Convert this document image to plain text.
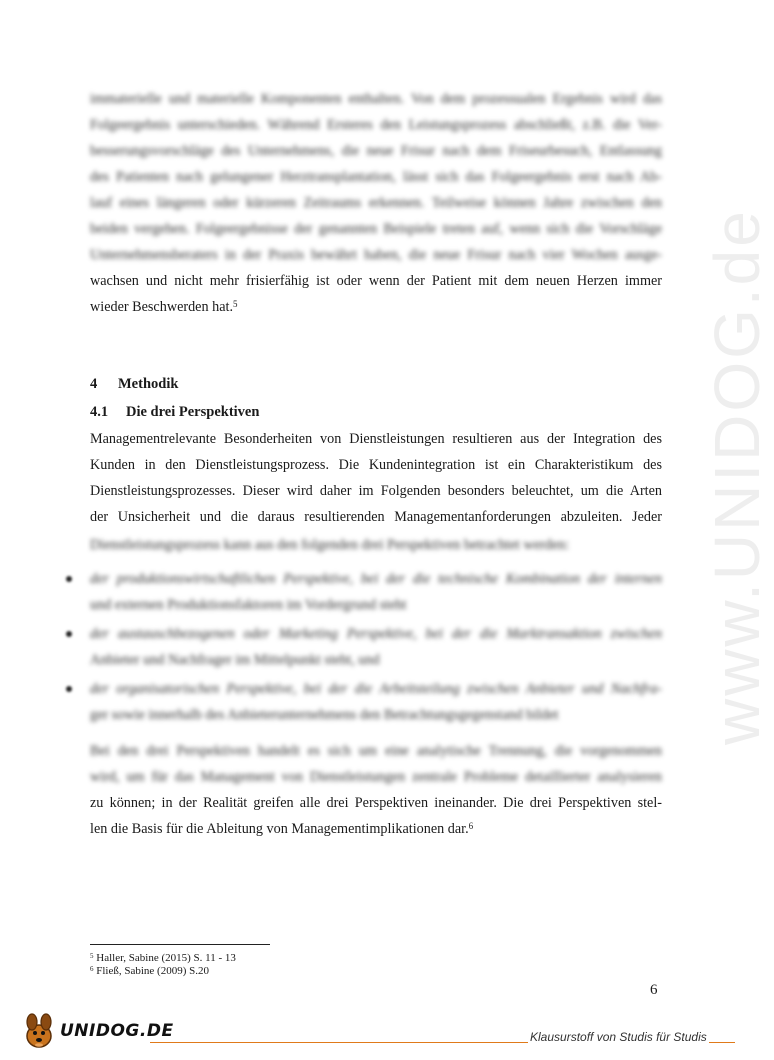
www.UNIDOG.de
immaterielle und materielle Komponenten enthalten. Von dem prozessualen Ergebnis wird das
Folgeergebnis unterschieden. Während Ersteres den Leistungsprozess abschließt, z.B. die Ver-
besserungsvorschläge des Unternehmens, die neue Frisur nach dem Friseurbesuch, Entlassung
des Patienten nach gelungener Herztransplantation, lässt sich das Folgeergebnis erst nach Ab-
lauf eines längeren oder kürzeren Zeitraums erkennen. Teilweise können Jahre zwischen den
beiden vergehen. Folgeergebnisse der genannten Beispiele treten auf, wenn sich die Vorschläge
Unternehmensberaters in der Praxis bewährt haben, die neue Frisur nach vier Wochen ausge-
wachsen und nicht mehr frisierfähig ist oder wenn der Patient mit dem neuen Herzen immer
wieder Beschwerden hat.$^5$
4 Methodik
4.1 Die drei Perspektiven
Managementrelevante Besonderheiten von Dienstleistungen resultieren aus der Integration des
Kunden in den Dienstleistungsprozess. Die Kundenintegration ist ein Charakteristikum des
Dienstleistungsprozesses. Dieser wird daher im Folgenden besonders beleuchtet, um die Arten
der Unsicherheit und die daraus resultierenden Managementanforderungen abzuleiten. Jeder
Dienstleistungsprozess kann aus den folgenden drei Perspektiven betrachtet werden:
der produktionswirtschaftlichen Perspektive, bei der die technische Kombination der internen
und externen Produktionsfaktoren im Vordergrund steht
der austauschbezogenen oder Marketing Perspektive, bei der die Marktransaktion zwischen
Anbieter und Nachfrager im Mittelpunkt steht, und
der organisatorischen Perspektive, bei der die Arbeitsteilung zwischen Anbieter und Nachfra-
ger sowie innerhalb des Anbieterunternehmens den Betrachtungsgegenstand bildet
Bei den drei Perspektiven handelt es sich um eine analytische Trennung, die vorgenommen
wird, um für das Management von Dienstleistungen zentrale Probleme detaillierter analysieren
zu können; in der Realität greifen alle drei Perspektiven ineinander. Die drei Perspektiven stel-
len die Basis für die Ableitung von Managementimplikationen dar.$^6$
$^5$ Haller, Sabine (2015) S. 11 - 13
$^6$ Fließ, Sabine (2009) S.20
6
UNIDOG.DE	Klausurstoff von Studis für Studis
